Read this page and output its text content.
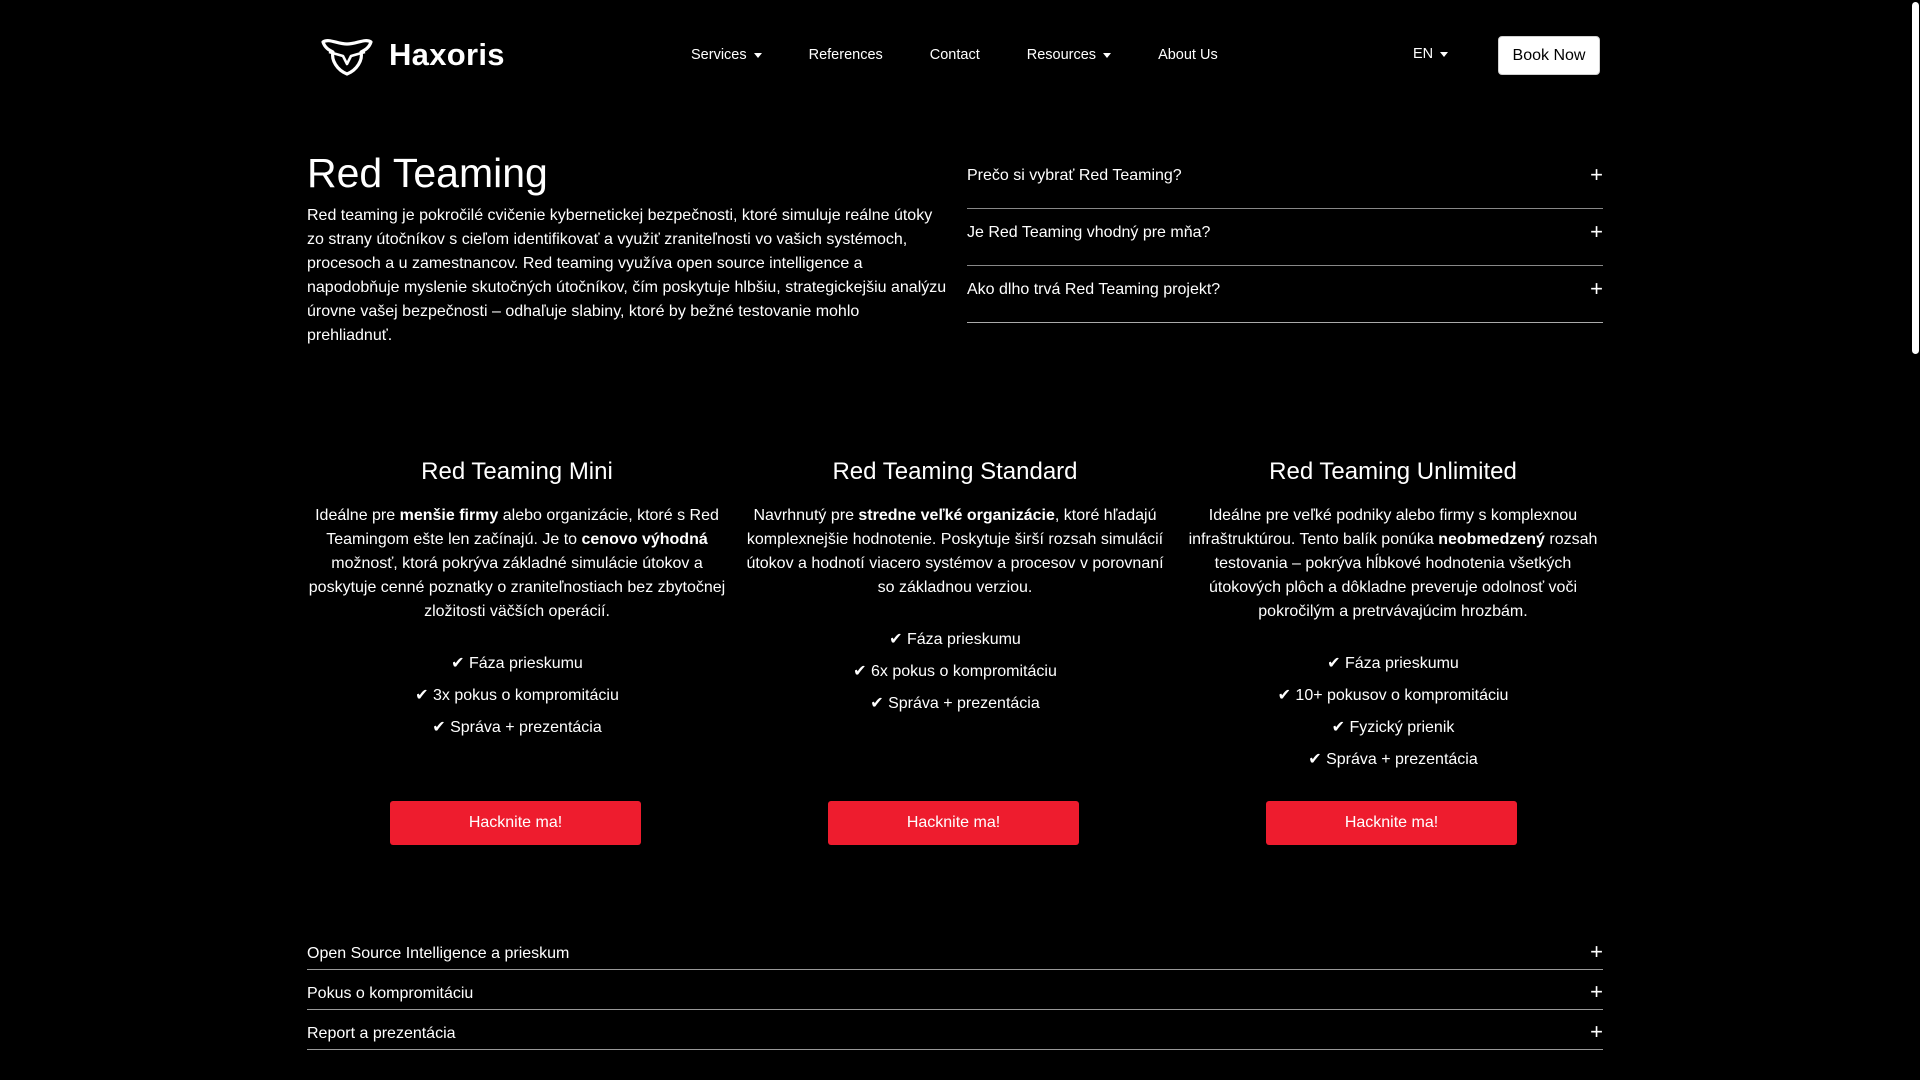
Haxoris	Services	References	Contact	Resources	About Us	EN	Book Now
Red Teaming

Red teaming je pokročilé cvičenie kybernetickej bezpečnosti, ktoré simuluje reálne útoky zo strany útočníkov s cieľom identifikovať a využiť zraniteľnosti vo vašich systémoch, procesoch a u zamestnancov. Red teaming využíva open source intelligence a napodobňuje myslenie skutočných útočníkov, čím poskytuje hlbšiu, strategickejšiu analýzu úrovne vašej bezpečnosti – odhaľuje slabiny, ktoré by bežné testovanie mohlo prehliadnuť.

Prečo si vybrať Red Teaming?	+
Je Red Teaming vhodný pre mňa?	+
Ako dlho trvá Red Teaming projekt?	+
Red Teaming Mini

Ideálne pre menšie firmy alebo organizácie, ktoré s Red Teamingom ešte len začínajú. Je to cenovo výhodná možnosť, ktorá pokrýva základné simulácie útokov a poskytuje cenné poznatky o zraniteľnostiach bez zbytočnej zložitosti väčších operácií.

✔ Fáza prieskumu
✔ 3x pokus o kompromitáciu
✔ Správa + prezentácia
Hacknite ma!
Red Teaming Standard

Navrhnutý pre stredne veľké organizácie, ktoré hľadajú komplexnejšie hodnotenie. Poskytuje širší rozsah simulácií útokov a hodnotí viacero systémov a procesov v porovnaní so základnou verziou.

✔ Fáza prieskumu
✔ 6x pokus o kompromitáciu
✔ Správa + prezentácia
Hacknite ma!
Red Teaming Unlimited

Ideálne pre veľké podniky alebo firmy s komplexnou infraštruktúrou. Tento balík ponúka neobmedzený rozsah testovania – pokrýva hĺbkové hodnotenia všetkých útokových plôch a dôkladne preveruje odolnosť voči pokročilým a pretrvávajúcim hrozbám.

✔ Fáza prieskumu
✔ 10+ pokusov o kompromitáciu
✔ Fyzický prienik
✔ Správa + prezentácia
Hacknite ma!
Open Source Intelligence a prieskum	+
Pokus o kompromitáciu	+
Report a prezentácia	+
